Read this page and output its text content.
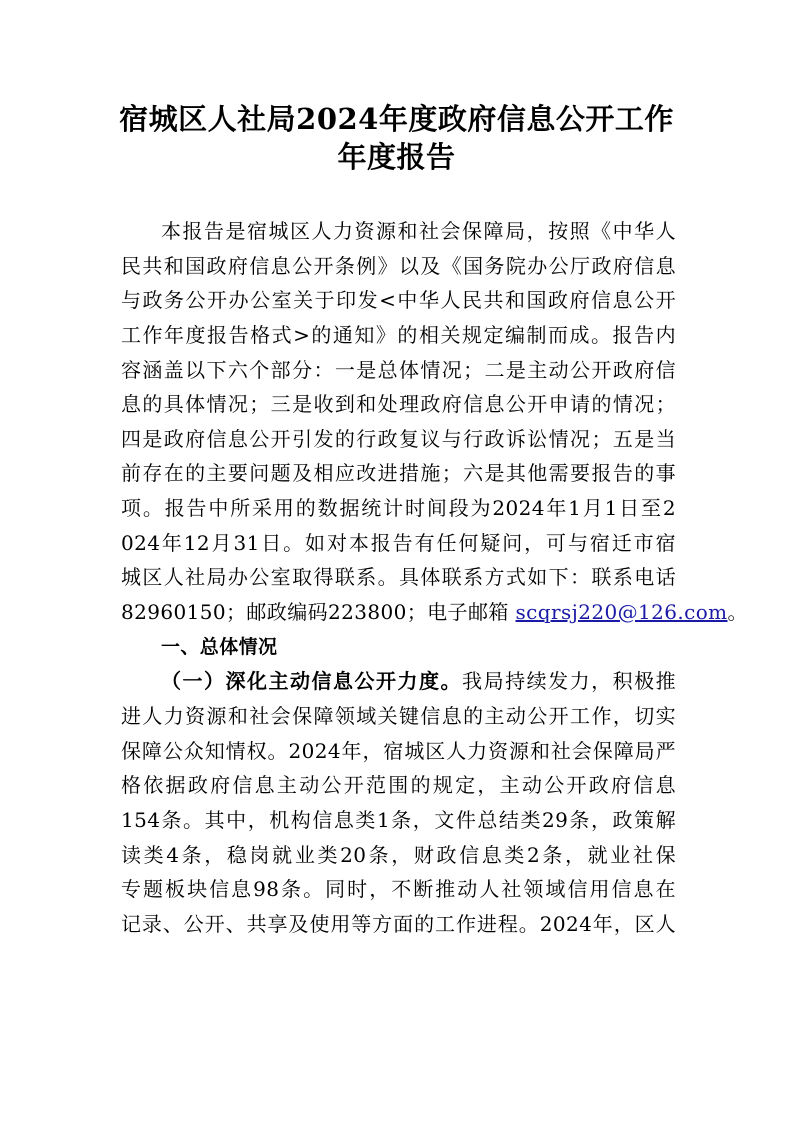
宿城区人社局2024年度政府信息公开工作
年度报告
本报告是宿城区人力资源和社会保障局，按照《中华人
民共和国政府信息公开条例》以及《国务院办公厅政府信息
与政务公开办公室关于印发<中华人民共和国政府信息公开
工作年度报告格式>的通知》的相关规定编制而成。报告内
容涵盖以下六个部分：一是总体情况；二是主动公开政府信
息的具体情况；三是收到和处理政府信息公开申请的情况；
四是政府信息公开引发的行政复议与行政诉讼情况；五是当
前存在的主要问题及相应改进措施；六是其他需要报告的事
项。报告中所采用的数据统计时间段为2024年1月1日至2
024年12月31日。如对本报告有任何疑问，可与宿迁市宿
城区人社局办公室取得联系。具体联系方式如下：联系电话
82960150；邮政编码223800；电子邮箱 scqrsj220@126.com。
一、总体情况
（一）深化主动信息公开力度。我局持续发力，积极推
进人力资源和社会保障领域关键信息的主动公开工作，切实
保障公众知情权。2024年，宿城区人力资源和社会保障局严
格依据政府信息主动公开范围的规定，主动公开政府信息
154条。其中，机构信息类1条，文件总结类29条，政策解
读类4条，稳岗就业类20条，财政信息类2条，就业社保
专题板块信息98条。同时，不断推动人社领域信用信息在
记录、公开、共享及使用等方面的工作进程。2024年，区人
